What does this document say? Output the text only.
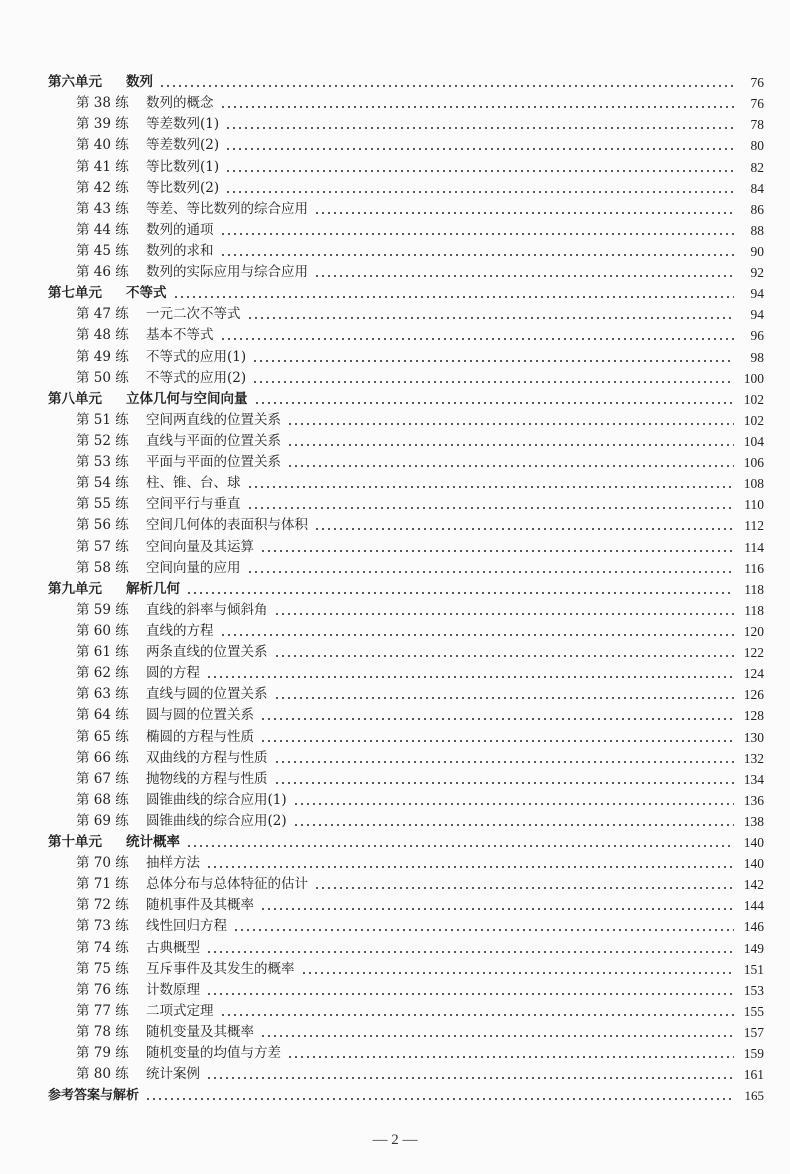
第六单元	数列	76
第 38 练	数列的概念	76
第 39 练	等差数列(1)	78
第 40 练	等差数列(2)	80
第 41 练	等比数列(1)	82
第 42 练	等比数列(2)	84
第 43 练	等差、等比数列的综合应用	86
第 44 练	数列的通项	88
第 45 练	数列的求和	90
第 46 练	数列的实际应用与综合应用	92
第七单元	不等式	94
第 47 练	一元二次不等式	94
第 48 练	基本不等式	96
第 49 练	不等式的应用(1)	98
第 50 练	不等式的应用(2)	100
第八单元	立体几何与空间向量	102
第 51 练	空间两直线的位置关系	102
第 52 练	直线与平面的位置关系	104
第 53 练	平面与平面的位置关系	106
第 54 练	柱、锥、台、球	108
第 55 练	空间平行与垂直	110
第 56 练	空间几何体的表面积与体积	112
第 57 练	空间向量及其运算	114
第 58 练	空间向量的应用	116
第九单元	解析几何	118
第 59 练	直线的斜率与倾斜角	118
第 60 练	直线的方程	120
第 61 练	两条直线的位置关系	122
第 62 练	圆的方程	124
第 63 练	直线与圆的位置关系	126
第 64 练	圆与圆的位置关系	128
第 65 练	椭圆的方程与性质	130
第 66 练	双曲线的方程与性质	132
第 67 练	抛物线的方程与性质	134
第 68 练	圆锥曲线的综合应用(1)	136
第 69 练	圆锥曲线的综合应用(2)	138
第十单元	统计概率	140
第 70 练	抽样方法	140
第 71 练	总体分布与总体特征的估计	142
第 72 练	随机事件及其概率	144
第 73 练	线性回归方程	146
第 74 练	古典概型	149
第 75 练	互斥事件及其发生的概率	151
第 76 练	计数原理	153
第 77 练	二项式定理	155
第 78 练	随机变量及其概率	157
第 79 练	随机变量的均值与方差	159
第 80 练	统计案例	161
参考答案与解析	165
— 2 —
